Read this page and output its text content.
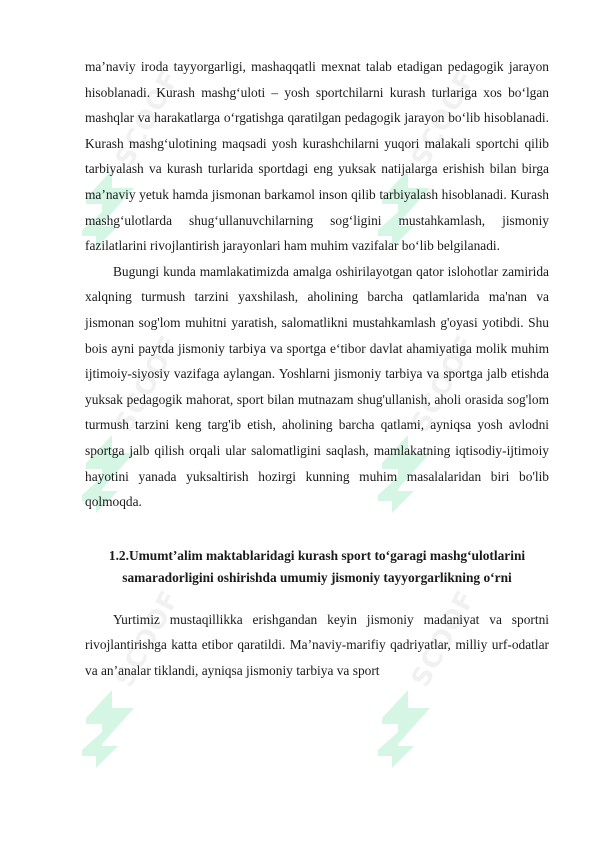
SCOOF	SCOOF
SCOOF	SCOOF
SCOOF	SCOOF

ma’naviy iroda tayyorgarligi, mashaqqatli mexnat talab etadigan pedagogik jarayon hisoblanadi. Kurash mashg‘uloti – yosh sportchilarni kurash turlariga xos bo‘lgan mashqlar va harakatlarga o‘rgatishga qaratilgan pedagogik jarayon bo‘lib hisoblanadi. Kurash mashg‘ulotining maqsadi yosh kurashchilarni yuqori malakali sportchi qilib tarbiyalash va kurash turlarida sportdagi eng yuksak natijalarga erishish bilan birga ma’naviy yetuk hamda jismonan barkamol inson qilib tarbiyalash hisoblanadi. Kurash mashg‘ulotlarda shug‘ullanuvchilarning sog‘ligini mustahkamlash, jismoniy fazilatlarini rivojlantirish jarayonlari ham muhim vazifalar bo‘lib belgilanadi.

Bugungi kunda mamlakatimizda amalga oshirilayotgan qator islohotlar zamirida xalqning turmush tarzini yaxshilash, aholining barcha qatlamlarida ma'nan va jismonan sog'lom muhitni yaratish, salomatlikni mustahkamlash g'oyasi yotibdi. Shu bois ayni paytda jismoniy tarbiya va sportga e‘tibor davlat ahamiyatiga molik muhim ijtimoiy-siyosiy vazifaga aylangan. Yoshlarni jismoniy tarbiya va sportga jalb etishda yuksak pedagogik mahorat, sport bilan mutnazam shug'ullanish, aholi orasida sog'lom turmush tarzini keng targ'ib etish, aholining barcha qatlami, ayniqsa yosh avlodni sportga jalb qilish orqali ular salomatligini saqlash, mamlakatning iqtisodiy-ijtimoiy hayotini yanada yuksaltirish hozirgi kunning muhim masalalaridan biri bo'lib qolmoqda.

1.2.Umumt’alim maktablaridagi kurash sport to‘garagi mashg‘ulotlarini
samaradorligini oshirishda umumiy jismoniy tayyorgarlikning o‘rni

Yurtimiz mustaqillikka erishgandan keyin jismoniy madaniyat va sportni rivojlantirishga katta etibor qaratildi. Ma’naviy-marifiy qadriyatlar, milliy urf-odatlar va an’analar tiklandi, ayniqsa jismoniy tarbiya va sport
